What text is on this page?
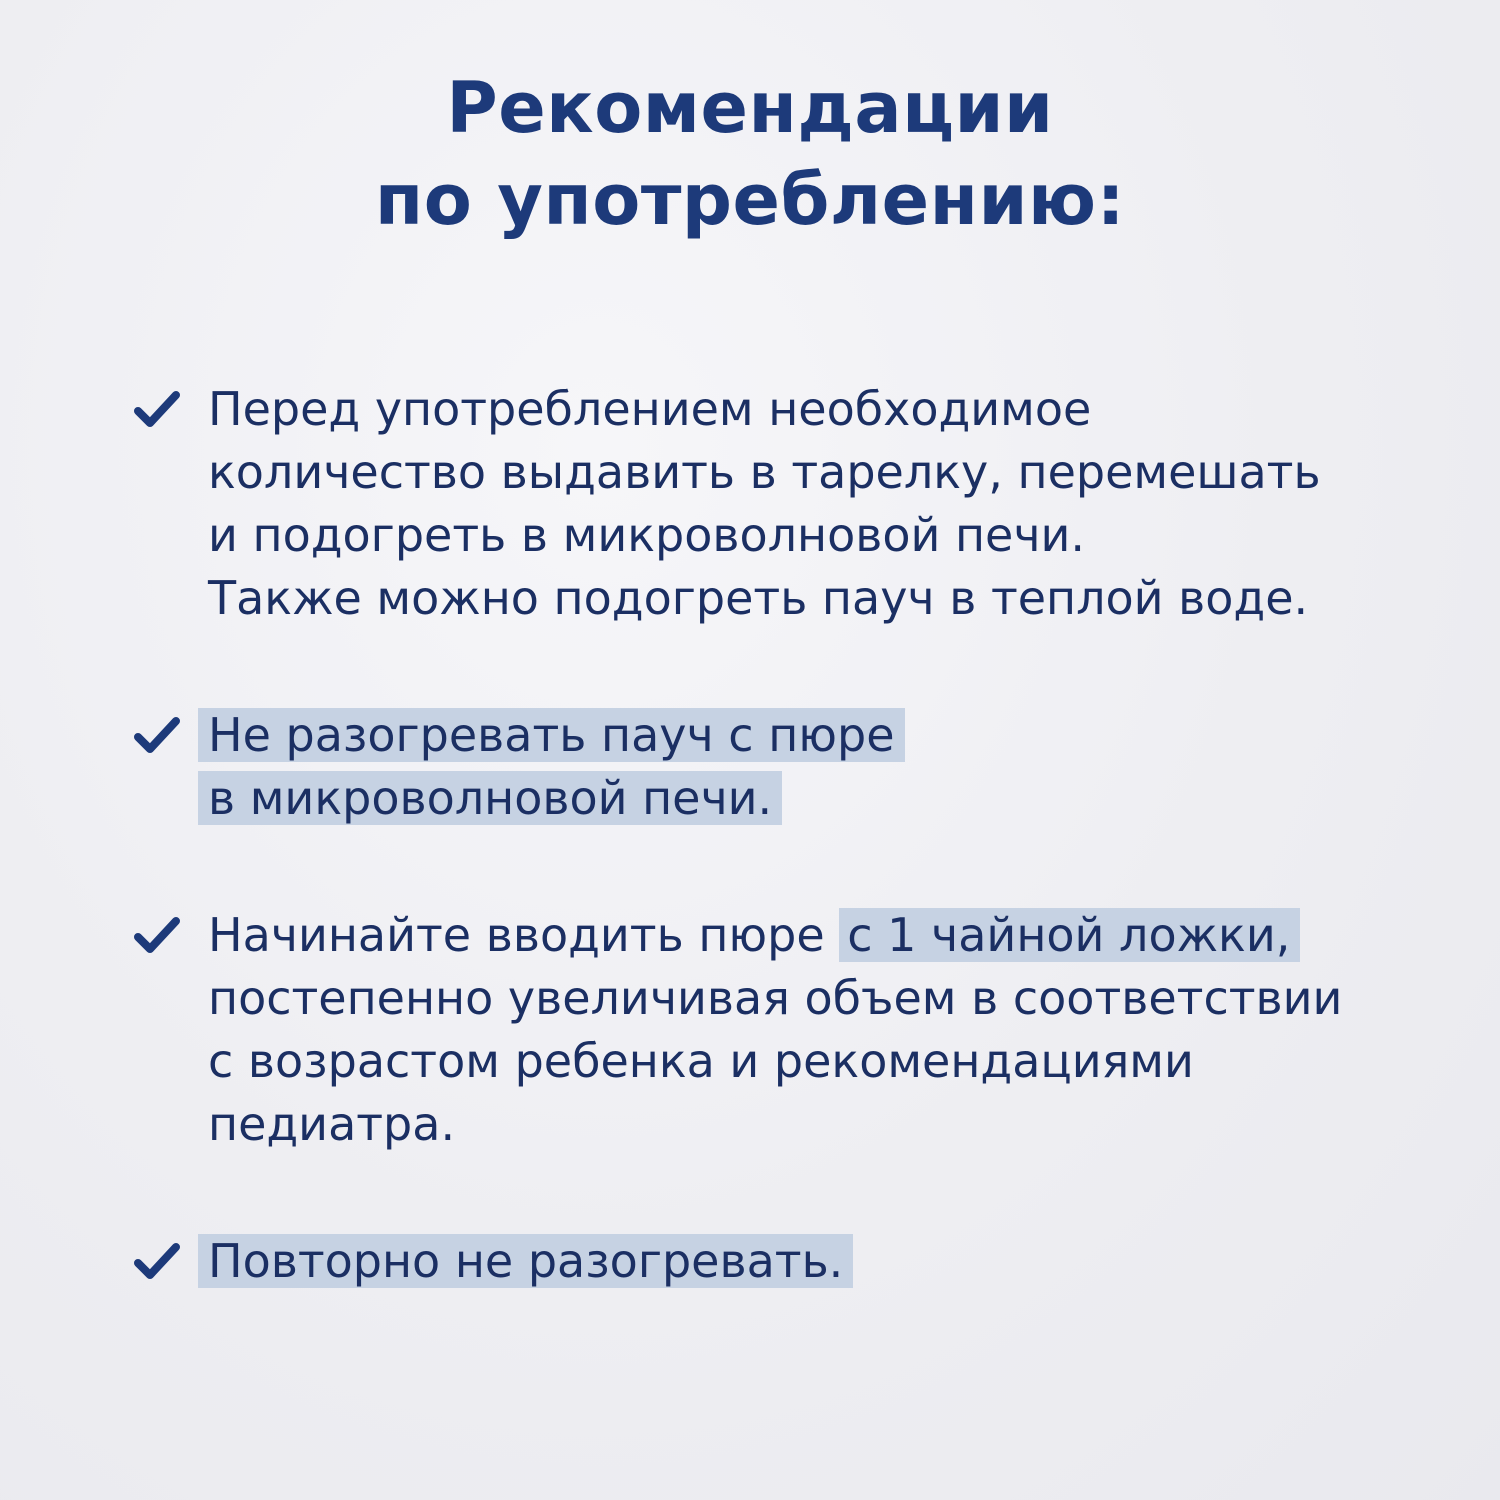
Рекомендации
по употреблению:
Перед употреблением необходимое
количество выдавить в тарелку, перемешать
и подогреть в микроволновой печи.
Также можно подогреть пауч в теплой воде.
Не разогревать пауч с пюре
в микроволновой печи.
Начинайте вводить пюре с 1 чайной ложки,
постепенно увеличивая объем в соответствии
с возрастом ребенка и рекомендациями
педиатра.
Повторно не разогревать.
